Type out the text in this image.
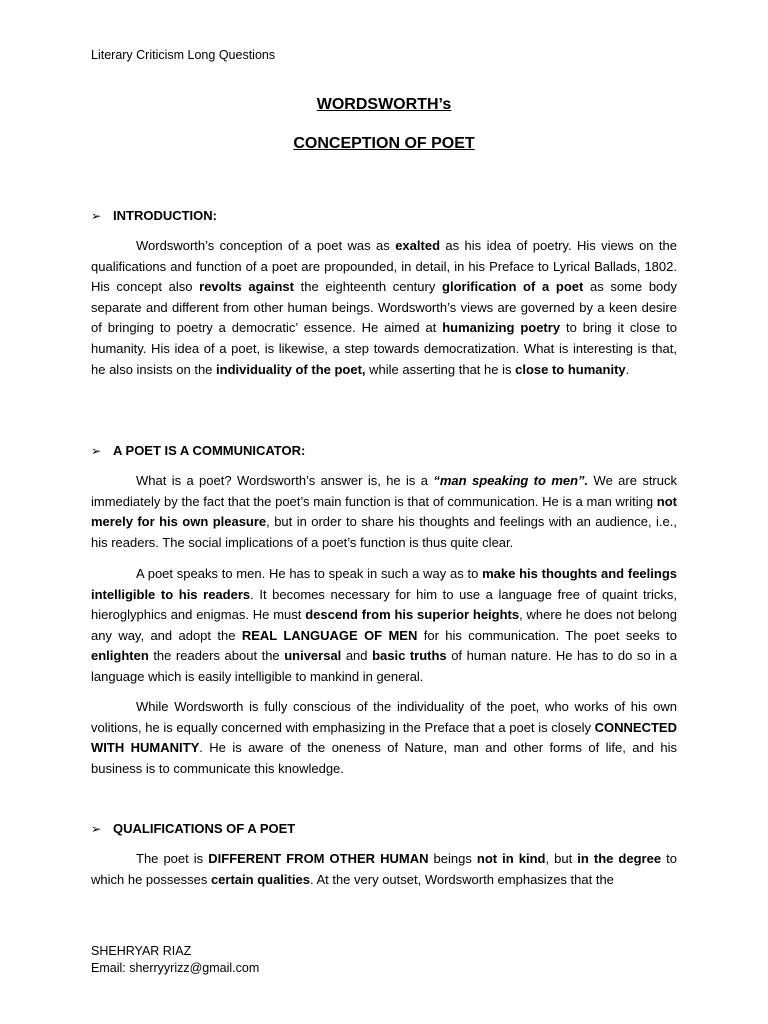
Literary Criticism Long Questions
WORDSWORTH’s
CONCEPTION OF POET
➢ INTRODUCTION:

Wordsworth’s conception of a poet was as exalted as his idea of poetry. His views on the qualifications and function of a poet are propounded, in detail, in his Preface to Lyrical Ballads, 1802. His concept also revolts against the eighteenth century glorification of a poet as some body separate and different from other human beings. Wordsworth’s views are governed by a keen desire of bringing to poetry a democratic’ essence. He aimed at humanizing poetry to bring it close to humanity. His idea of a poet, is likewise, a step towards democratization. What is interesting is that, he also insists on the individuality of the poet, while asserting that he is close to humanity.

➢ A POET IS A COMMUNICATOR:

What is a poet? Wordsworth’s answer is, he is a “man speaking to men”. We are struck immediately by the fact that the poet’s main function is that of communication. He is a man writing not merely for his own pleasure, but in order to share his thoughts and feelings with an audience, i.e., his readers. The social implications of a poet’s function is thus quite clear.

A poet speaks to men. He has to speak in such a way as to make his thoughts and feelings intelligible to his readers. It becomes necessary for him to use a language free of quaint tricks, hieroglyphics and enigmas. He must descend from his superior heights, where he does not belong any way, and adopt the REAL LANGUAGE OF MEN for his communication. The poet seeks to enlighten the readers about the universal and basic truths of human nature. He has to do so in a language which is easily intelligible to mankind in general.

While Wordsworth is fully conscious of the individuality of the poet, who works of his own volitions, he is equally concerned with emphasizing in the Preface that a poet is closely CONNECTED WITH HUMANITY. He is aware of the oneness of Nature, man and other forms of life, and his business is to communicate this knowledge.

➢ QUALIFICATIONS OF A POET

The poet is DIFFERENT FROM OTHER HUMAN beings not in kind, but in the degree to which he possesses certain qualities. At the very outset, Wordsworth emphasizes that the

SHEHRYAR RIAZ
Email: sherryyrizz@gmail.com
